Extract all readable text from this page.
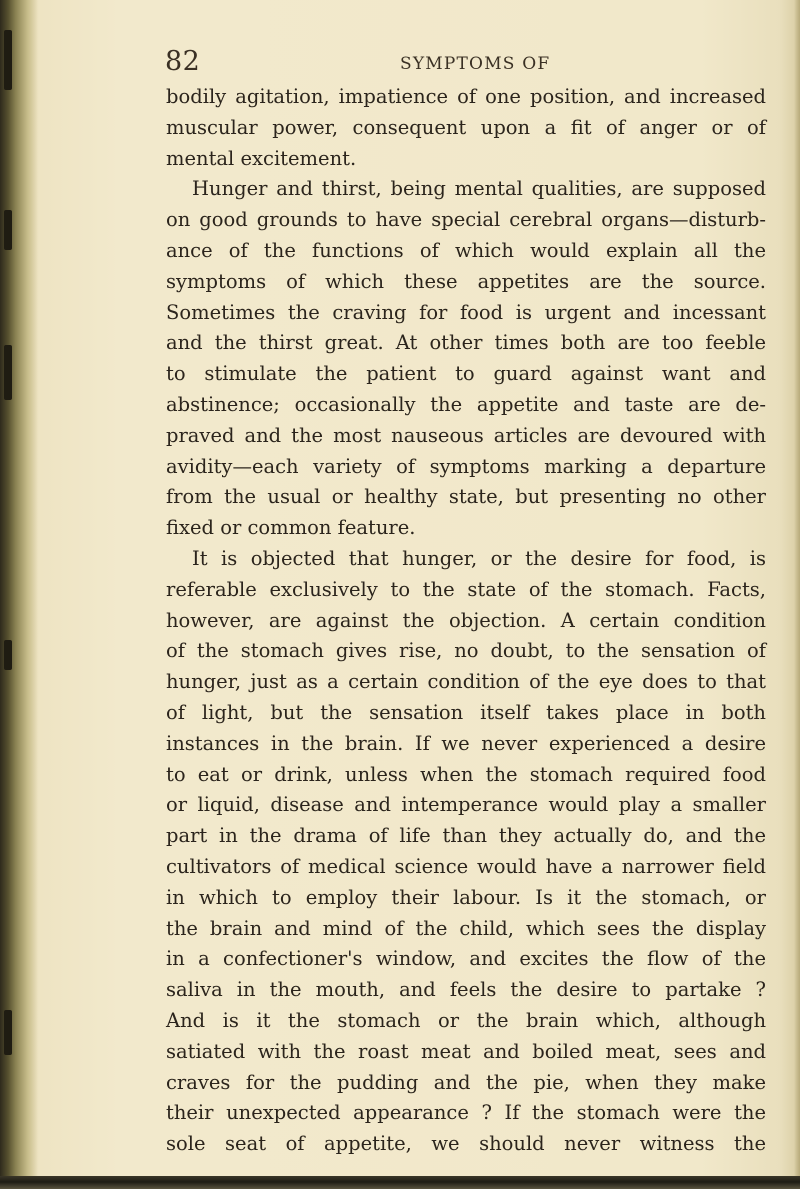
82	SYMPTOMS OF
bodily agitation, impatience of one position, and increased
muscular power, consequent upon a fit of anger or of
mental excitement.
Hunger and thirst, being mental qualities, are supposed
on good grounds to have special cerebral organs—disturb-
ance of the functions of which would explain all the
symptoms of which these appetites are the source.
Sometimes the craving for food is urgent and incessant
and the thirst great. At other times both are too feeble
to stimulate the patient to guard against want and
abstinence; occasionally the appetite and taste are de-
praved and the most nauseous articles are devoured with
avidity—each variety of symptoms marking a departure
from the usual or healthy state, but presenting no other
fixed or common feature.
It is objected that hunger, or the desire for food, is
referable exclusively to the state of the stomach. Facts,
however, are against the objection. A certain condition
of the stomach gives rise, no doubt, to the sensation of
hunger, just as a certain condition of the eye does to that
of light, but the sensation itself takes place in both
instances in the brain. If we never experienced a desire
to eat or drink, unless when the stomach required food
or liquid, disease and intemperance would play a smaller
part in the drama of life than they actually do, and the
cultivators of medical science would have a narrower field
in which to employ their labour. Is it the stomach, or
the brain and mind of the child, which sees the display
in a confectioner's window, and excites the flow of the
saliva in the mouth, and feels the desire to partake ?
And is it the stomach or the brain which, although
satiated with the roast meat and boiled meat, sees and
craves for the pudding and the pie, when they make
their unexpected appearance ? If the stomach were the
sole seat of appetite, we should never witness the
